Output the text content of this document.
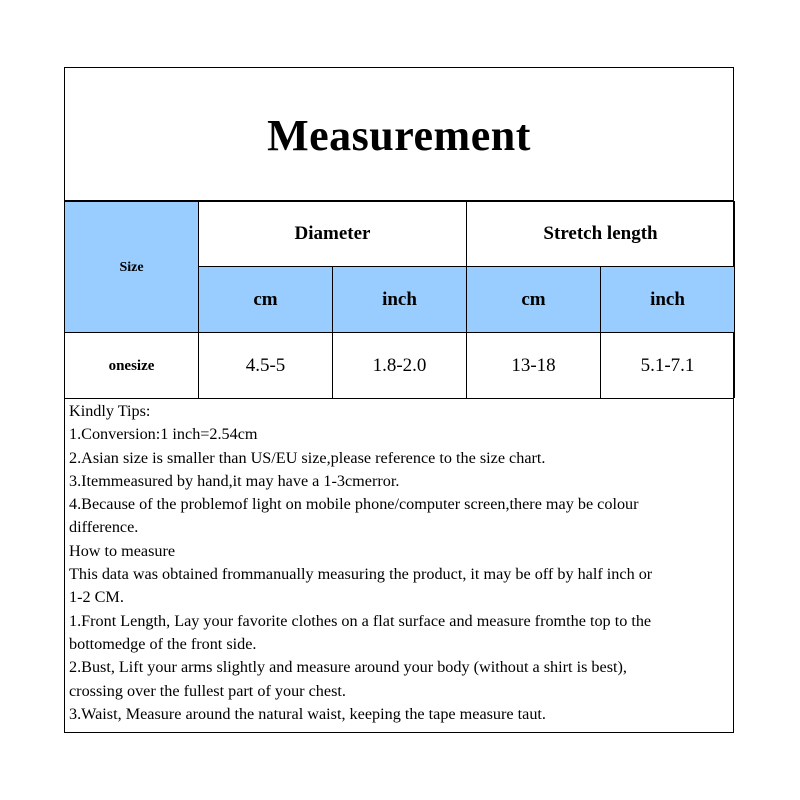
Measurement
Size	Diameter		Stretch length	
	cm	inch	cm	inch
onesize	4.5-5	1.8-2.0	13-18	5.1-7.1
Kindly Tips:
1.Conversion:1 inch=2.54cm
2.Asian size is smaller than US/EU size,please reference to the size chart.
3.Itemmeasured by hand,it may have a 1-3cmerror.
4.Because of the problemof light on mobile phone/computer screen,there may be colour
difference.
How to measure
This data was obtained frommanually measuring the product, it may be off by half inch or
1-2 CM.
1.Front Length, Lay your favorite clothes on a flat surface and measure fromthe top to the
bottomedge of the front side.
2.Bust, Lift your arms slightly and measure around your body (without a shirt is best),
crossing over the fullest part of your chest.
3.Waist, Measure around the natural waist, keeping the tape measure taut.
